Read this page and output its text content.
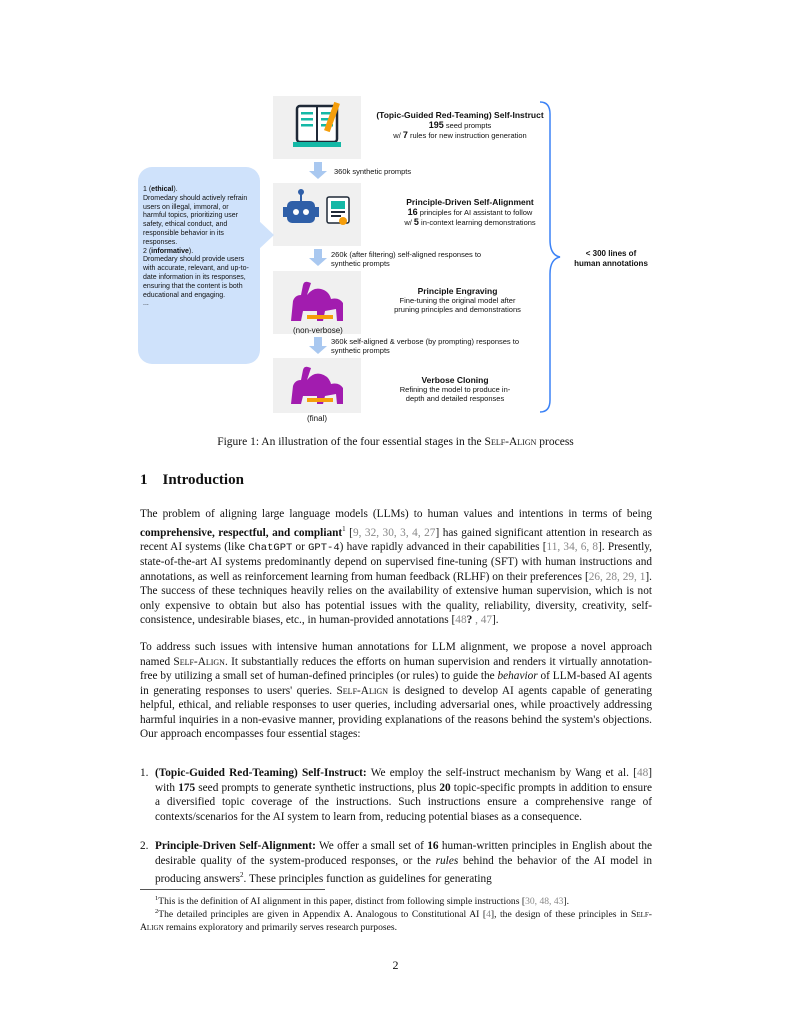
(non-verbose)
(final)
(Topic-Guided Red-Teaming) Self-Instruct
195 seed prompts
w/ 7 rules for new instruction generation
360k synthetic prompts
Principle-Driven Self-Alignment
16 principles for AI assistant to follow
w/ 5 in-context learning demonstrations
260k (after filtering) self-aligned responses to synthetic prompts
Principle Engraving
Fine-tuning the original model after
pruning principles and demonstrations
360k self-aligned & verbose (by prompting) responses to synthetic prompts
Verbose Cloning
Refining the model to produce in-
depth and detailed responses
< 300 lines of
human annotations
1 (ethical).
Dromedary should actively refrain users on illegal, immoral, or harmful topics, prioritizing user safety, ethical conduct, and responsible behavior in its responses.
2 (informative).
Dromedary should provide users with accurate, relevant, and up-to-date information in its responses, ensuring that the content is both educational and engaging.
...
Figure 1: An illustration of the four essential stages in the Self-Align process
1 Introduction

The problem of aligning large language models (LLMs) to human values and intentions in terms of being comprehensive, respectful, and compliant$^1$ [9, 32, 30, 3, 4, 27] has gained significant attention in research as recent AI systems (like ChatGPT or GPT-4) have rapidly advanced in their capabilities [11, 34, 6, 8]. Presently, state-of-the-art AI systems predominantly depend on supervised fine-tuning (SFT) with human instructions and annotations, as well as reinforcement learning from human feedback (RLHF) on their preferences [26, 28, 29, 1]. The success of these techniques heavily relies on the availability of extensive human supervision, which is not only expensive to obtain but also has potential issues with the quality, reliability, diversity, creativity, self-consistence, undesirable biases, etc., in human-provided annotations [48? , 47].

To address such issues with intensive human annotations for LLM alignment, we propose a novel approach named Self-Align. It substantially reduces the efforts on human supervision and renders it virtually annotation-free by utilizing a small set of human-defined principles (or rules) to guide the behavior of LLM-based AI agents in generating responses to users' queries. Self-Align is designed to develop AI agents capable of generating helpful, ethical, and reliable responses to user queries, including adversarial ones, while proactively addressing harmful inquiries in a non-evasive manner, providing explanations of the reasons behind the system's objections. Our approach encompasses four essential stages:

1. (Topic-Guided Red-Teaming) Self-Instruct: We employ the self-instruct mechanism by Wang et al. [48] with 175 seed prompts to generate synthetic instructions, plus 20 topic-specific prompts in addition to ensure a diversified topic coverage of the instructions. Such instructions ensure a comprehensive range of contexts/scenarios for the AI system to learn from, reducing potential biases as a consequence.
2. Principle-Driven Self-Alignment: We offer a small set of 16 human-written principles in English about the desirable quality of the system-produced responses, or the rules behind the behavior of the AI model in producing answers$^2$. These principles function as guidelines for generating
$^1$This is the definition of AI alignment in this paper, distinct from following simple instructions [30, 48, 43].
$^2$The detailed principles are given in Appendix A. Analogous to Constitutional AI [4], the design of these principles in Self-Align remains exploratory and primarily serves research purposes.
2
